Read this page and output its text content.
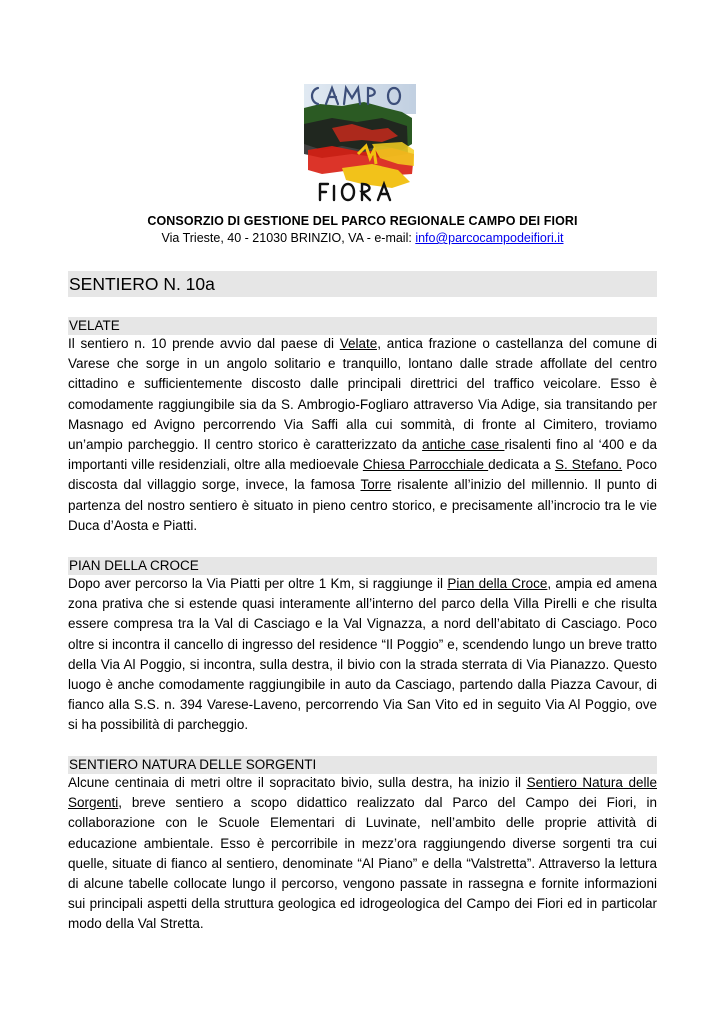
CONSORZIO DI GESTIONE DEL PARCO REGIONALE CAMPO DEI FIORI
Via Trieste, 40 - 21030 BRINZIO, VA - e-mail: info@parcocampodeifiori.it
SENTIERO N. 10a
VELATE

Il sentiero n. 10 prende avvio dal paese di Velate, antica frazione o castellanza del comune di Varese che sorge in un angolo solitario e tranquillo, lontano dalle strade affollate del centro cittadino e sufficientemente discosto dalle principali direttrici del traffico veicolare. Esso è comodamente raggiungibile sia da S. Ambrogio-Fogliaro attraverso Via Adige, sia transitando per Masnago ed Avigno percorrendo Via Saffi alla cui sommità, di fronte al Cimitero, troviamo un’ampio parcheggio. Il centro storico è caratterizzato da antiche case risalenti fino al ‘400 e da importanti ville residenziali, oltre alla medioevale Chiesa Parrocchiale dedicata a S. Stefano. Poco discosta dal villaggio sorge, invece, la famosa Torre risalente all’inizio del millennio. Il punto di partenza del nostro sentiero è situato in pieno centro storico, e precisamente all’incrocio tra le vie Duca d’Aosta e Piatti.

PIAN DELLA CROCE

Dopo aver percorso la Via Piatti per oltre 1 Km, si raggiunge il Pian della Croce, ampia ed amena zona prativa che si estende quasi interamente all’interno del parco della Villa Pirelli e che risulta essere compresa tra la Val di Casciago e la Val Vignazza, a nord dell’abitato di Casciago. Poco oltre si incontra il cancello di ingresso del residence “Il Poggio” e, scendendo lungo un breve tratto della Via Al Poggio, si incontra, sulla destra, il bivio con la strada sterrata di Via Pianazzo. Questo luogo è anche comodamente raggiungibile in auto da Casciago, partendo dalla Piazza Cavour, di fianco alla S.S. n. 394 Varese-Laveno, percorrendo Via San Vito ed in seguito Via Al Poggio, ove si ha possibilità di parcheggio.

SENTIERO NATURA DELLE SORGENTI

Alcune centinaia di metri oltre il sopracitato bivio, sulla destra, ha inizio il Sentiero Natura delle Sorgenti, breve sentiero a scopo didattico realizzato dal Parco del Campo dei Fiori, in collaborazione con le Scuole Elementari di Luvinate, nell’ambito delle proprie attività di educazione ambientale. Esso è percorribile in mezz’ora raggiungendo diverse sorgenti tra cui quelle, situate di fianco al sentiero, denominate “Al Piano” e della “Valstretta”. Attraverso la lettura di alcune tabelle collocate lungo il percorso, vengono passate in rassegna e fornite informazioni sui principali aspetti della struttura geologica ed idrogeologica del Campo dei Fiori ed in particolar modo della Val Stretta.
